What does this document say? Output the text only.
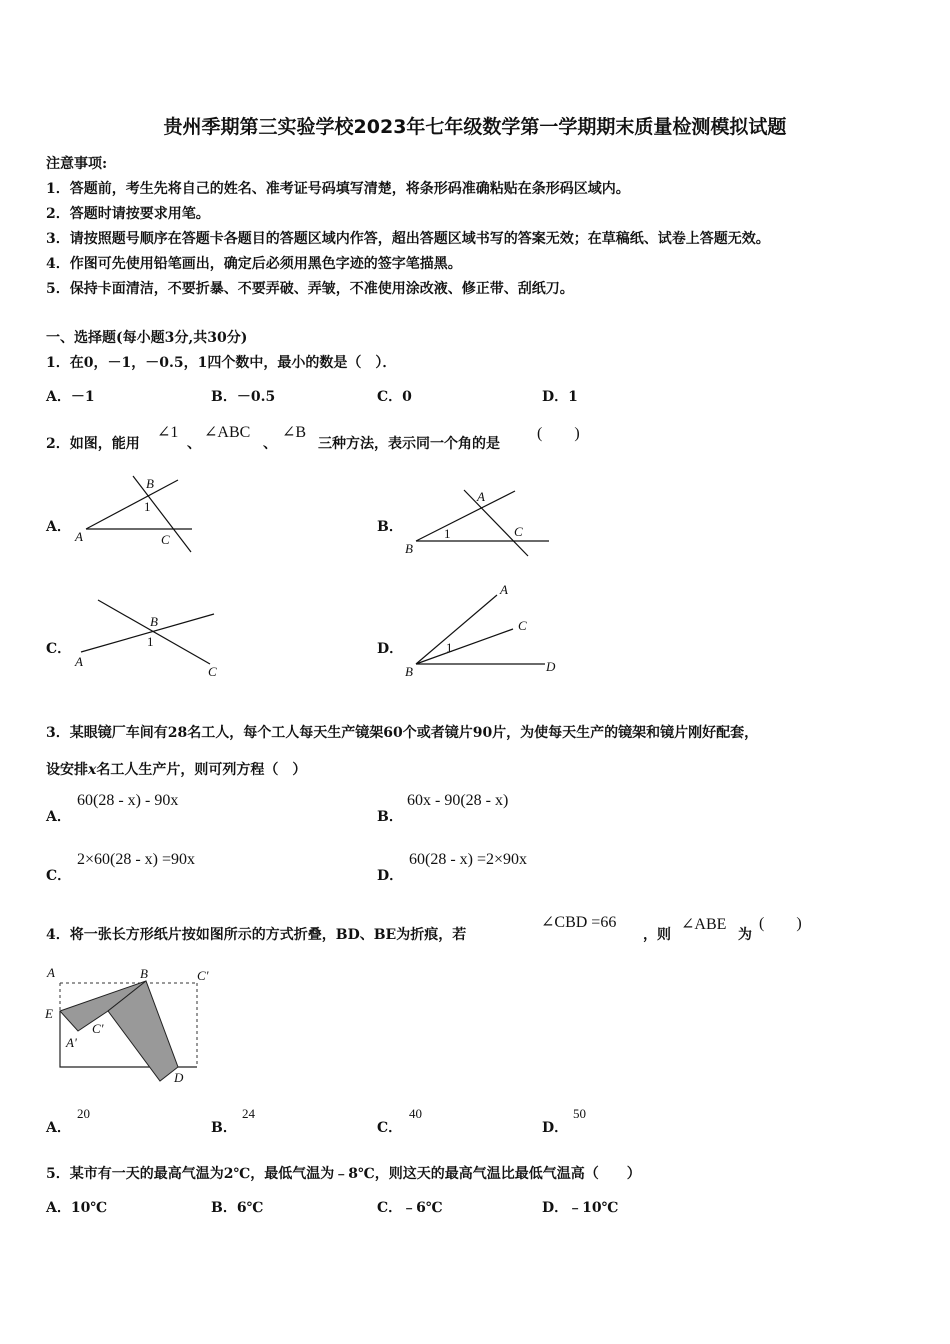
贵州季期第三实验学校2023年七年级数学第一学期期末质量检测模拟试题
注意事项:
1．答题前，考生先将自己的姓名、准考证号码填写清楚，将条形码准确粘贴在条形码区域内。
2．答题时请按要求用笔。
3．请按照题号顺序在答题卡各题目的答题区域内作答，超出答题区域书写的答案无效；在草稿纸、试卷上答题无效。
4．作图可先使用铅笔画出，确定后必须用黑色字迹的签字笔描黑。
5．保持卡面清洁，不要折暴、不要弄破、弄皱，不准使用涂改液、修正带、刮纸刀。
一、选择题(每小题3分,共30分)
1．在0，－1，－0.5，1四个数中，最小的数是（　）．
A．－1	B．－0.5	C．0	D．1
2．如图，能用
∠1
、
∠ABC
、
∠B
三种方法，表示同一个角的是
(　　)
A．	B．
C．	D．
B
1
A	C
A
1
B
C
B
1
A
C
A
C
1
B	D
3．某眼镜厂车间有28名工人，每个工人每天生产镜架60个或者镜片90片，为使每天生产的镜架和镜片刚好配套，
设安排x名工人生产片，则可列方程（　）
A．
60(28 - x) - 90x
B．
60x - 90(28 - x)
C．
2×60(28 - x) =90x
D．
60(28 - x) =2×90x
4．将一张长方形纸片按如图所示的方式折叠，BD、BE为折痕，若
∠CBD =66
，则
∠ABE
为
(　　)
A	B	C'
E
C'
A'
D
A．
20
B．
24
C．
40
D．
50
5．某市有一天的最高气温为2℃，最低气温为﹣8℃，则这天的最高气温比最低气温高（　　）
A．10℃	B．6℃	C．﹣6℃	D．﹣10℃
